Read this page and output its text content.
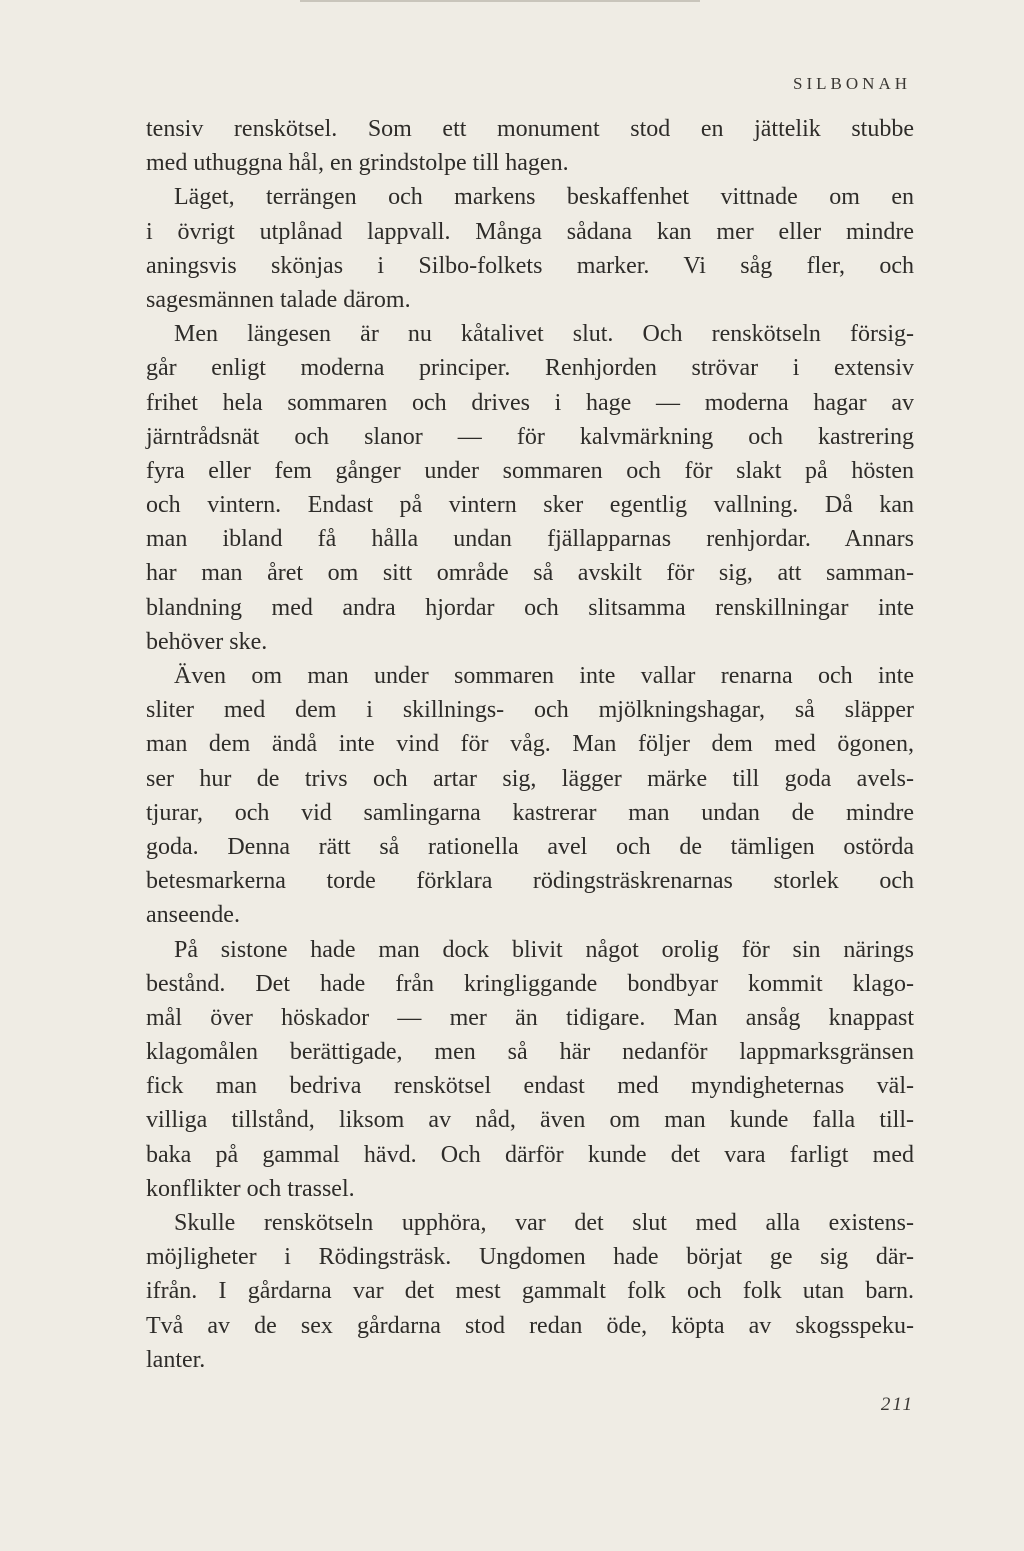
SILBONAH
tensiv renskötsel. Som ett monument stod en jättelik stubbe
med uthuggna hål, en grindstolpe till hagen.
Läget, terrängen och markens beskaffenhet vittnade om en
i övrigt utplånad lappvall. Många sådana kan mer eller mindre
aningsvis skönjas i Silbo-folkets marker. Vi såg fler, och
sagesmännen talade därom.
Men längesen är nu kåtalivet slut. Och renskötseln försig-
går enligt moderna principer. Renhjorden strövar i extensiv
frihet hela sommaren och drives i hage — moderna hagar av
järntrådsnät och slanor — för kalvmärkning och kastrering
fyra eller fem gånger under sommaren och för slakt på hösten
och vintern. Endast på vintern sker egentlig vallning. Då kan
man ibland få hålla undan fjällapparnas renhjordar. Annars
har man året om sitt område så avskilt för sig, att samman-
blandning med andra hjordar och slitsamma renskillningar inte
behöver ske.
Även om man under sommaren inte vallar renarna och inte
sliter med dem i skillnings- och mjölkningshagar, så släpper
man dem ändå inte vind för våg. Man följer dem med ögonen,
ser hur de trivs och artar sig, lägger märke till goda avels-
tjurar, och vid samlingarna kastrerar man undan de mindre
goda. Denna rätt så rationella avel och de tämligen ostörda
betesmarkerna torde förklara rödingsträskrenarnas storlek och
anseende.
På sistone hade man dock blivit något orolig för sin närings
bestånd. Det hade från kringliggande bondbyar kommit klago-
mål över höskador — mer än tidigare. Man ansåg knappast
klagomålen berättigade, men så här nedanför lappmarksgränsen
fick man bedriva renskötsel endast med myndigheternas väl-
villiga tillstånd, liksom av nåd, även om man kunde falla till-
baka på gammal hävd. Och därför kunde det vara farligt med
konflikter och trassel.
Skulle renskötseln upphöra, var det slut med alla existens-
möjligheter i Rödingsträsk. Ungdomen hade börjat ge sig där-
ifrån. I gårdarna var det mest gammalt folk och folk utan barn.
Två av de sex gårdarna stod redan öde, köpta av skogsspeku-
lanter.
211
